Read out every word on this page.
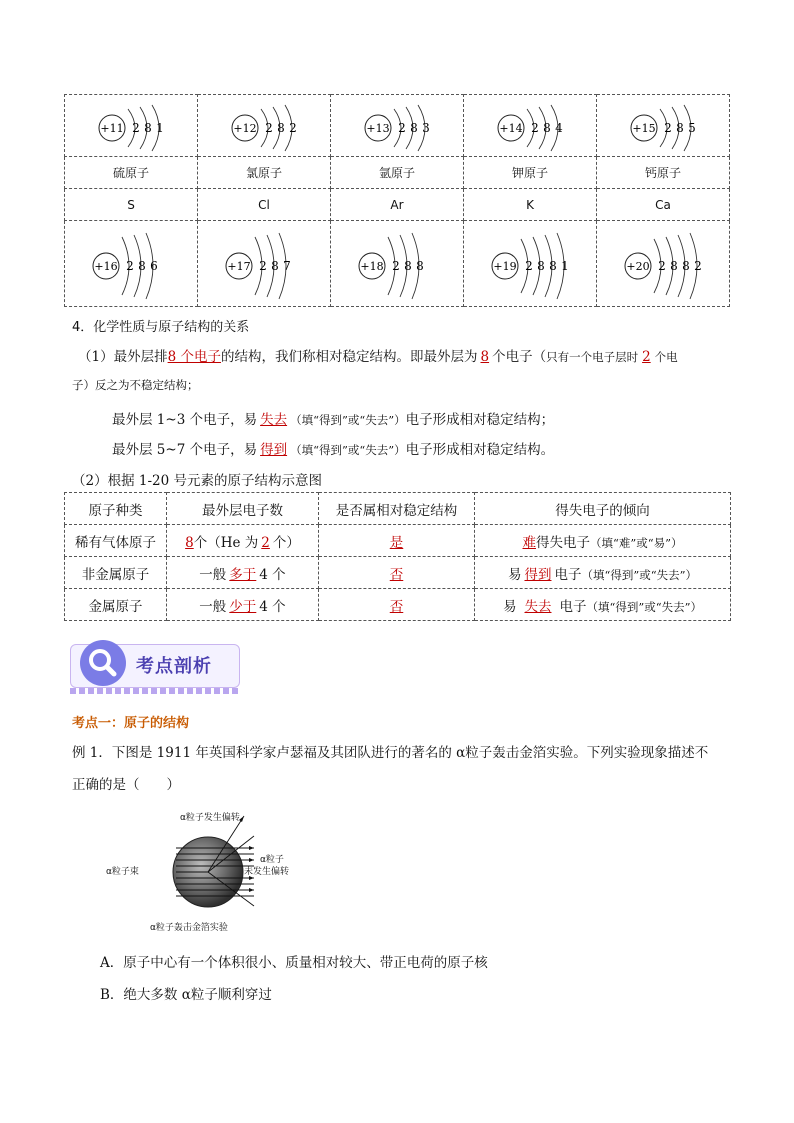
+11 2 8 1	+12 2 8 2	+13 2 8 3	+14 2 8 4	+15 2 8 5

硫原子	氯原子	氩原子	钾原子	钙原子
S	Cl	Ar	K	Ca

+16 2 8 6	+17 2 8 7	+18 2 8 8	+19 2 8 8 1	+20 2 8 8 2
4．化学性质与原子结构的关系
（1）最外层排8 个电子的结构，我们称相对稳定结构。即最外层为 8 个电子（只有一个电子层时 2 个电
子）反之为不稳定结构；
最外层 1~3 个电子，易 失去 （填“得到”或“失去”）电子形成相对稳定结构；
最外层 5~7 个电子，易 得到 （填“得到”或“失去”）电子形成相对稳定结构。
（2）根据 1-20 号元素的原子结构示意图
原子种类	最外层电子数	是否属相对稳定结构	得失电子的倾向
稀有气体原子	8个（He 为 2 个）	是	难得失电子（填“难”或“易”）
非金属原子	一般 多于 4 个	否	易 得到 电子（填“得到”或“失去”）
金属原子	一般 少于 4 个	否	易 失去 电子（填“得到”或“失去”）
考点剖析
考点一：原子的结构
例 1．下图是 1911 年英国科学家卢瑟福及其团队进行的著名的 α粒子轰击金箔实验。下列实验现象描述不
正确的是（　　）
α粒子发生偏转
α粒子束
α粒子
未发生偏转
α粒子轰击金箔实验
A．原子中心有一个体积很小、质量相对较大、带正电荷的原子核
B．绝大多数 α粒子顺利穿过
